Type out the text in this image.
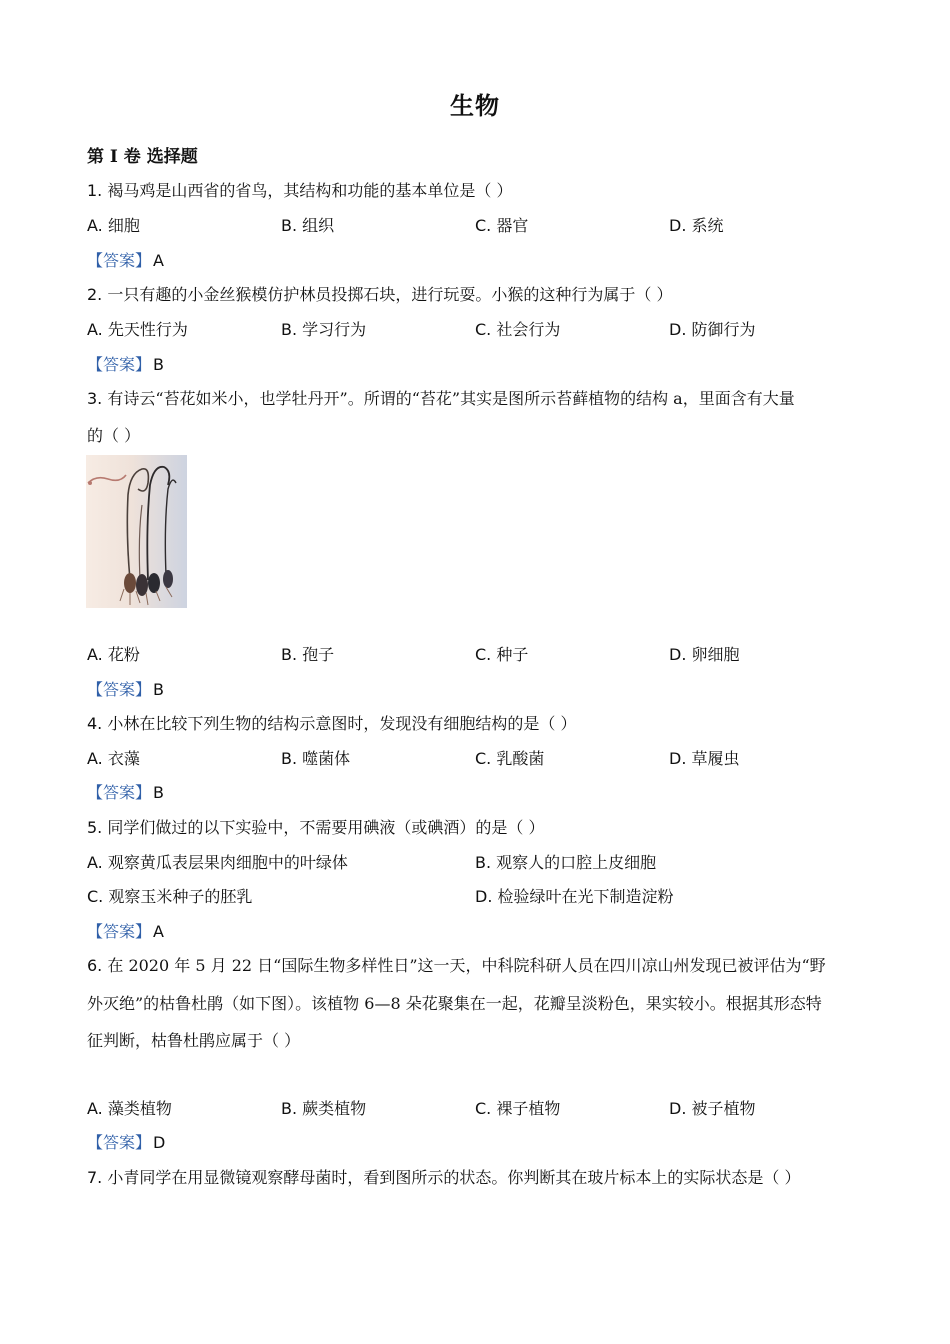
生物
第 I 卷 选择题
1. 褐马鸡是山西省的省鸟，其结构和功能的基本单位是（ ）
A. 细胞	B. 组织	C. 器官	D. 系统
【答案】 A
2. 一只有趣的小金丝猴模仿护林员投掷石块，进行玩耍。小猴的这种行为属于（ ）
A. 先天性行为	B. 学习行为	C. 社会行为	D. 防御行为
【答案】 B
3. 有诗云“苔花如米小，也学牡丹开”。所谓的“苔花”其实是图所示苔藓植物的结构 a，里面含有大量
的（ ）
A. 花粉	B. 孢子	C. 种子	D. 卵细胞
【答案】 B
4. 小林在比较下列生物的结构示意图时，发现没有细胞结构的是（ ）
A. 衣藻	B. 噬菌体	C. 乳酸菌	D. 草履虫
【答案】 B
5. 同学们做过的以下实验中，不需要用碘液（或碘酒）的是（ ）
A. 观察黄瓜表层果肉细胞中的叶绿体	B. 观察人的口腔上皮细胞
C. 观察玉米种子的胚乳	D. 检验绿叶在光下制造淀粉
【答案】 A
6. 在 2020 年 5 月 22 日“国际生物多样性日”这一天，中科院科研人员在四川凉山州发现已被评估为“野
外灭绝”的枯鲁杜鹃（如下图）。该植物 6—8 朵花聚集在一起，花瓣呈淡粉色，果实较小。根据其形态特
征判断，枯鲁杜鹃应属于（ ）
A. 藻类植物	B. 蕨类植物	C. 裸子植物	D. 被子植物
【答案】 D
7. 小青同学在用显微镜观察酵母菌时，看到图所示的状态。你判断其在玻片标本上的实际状态是（ ）
